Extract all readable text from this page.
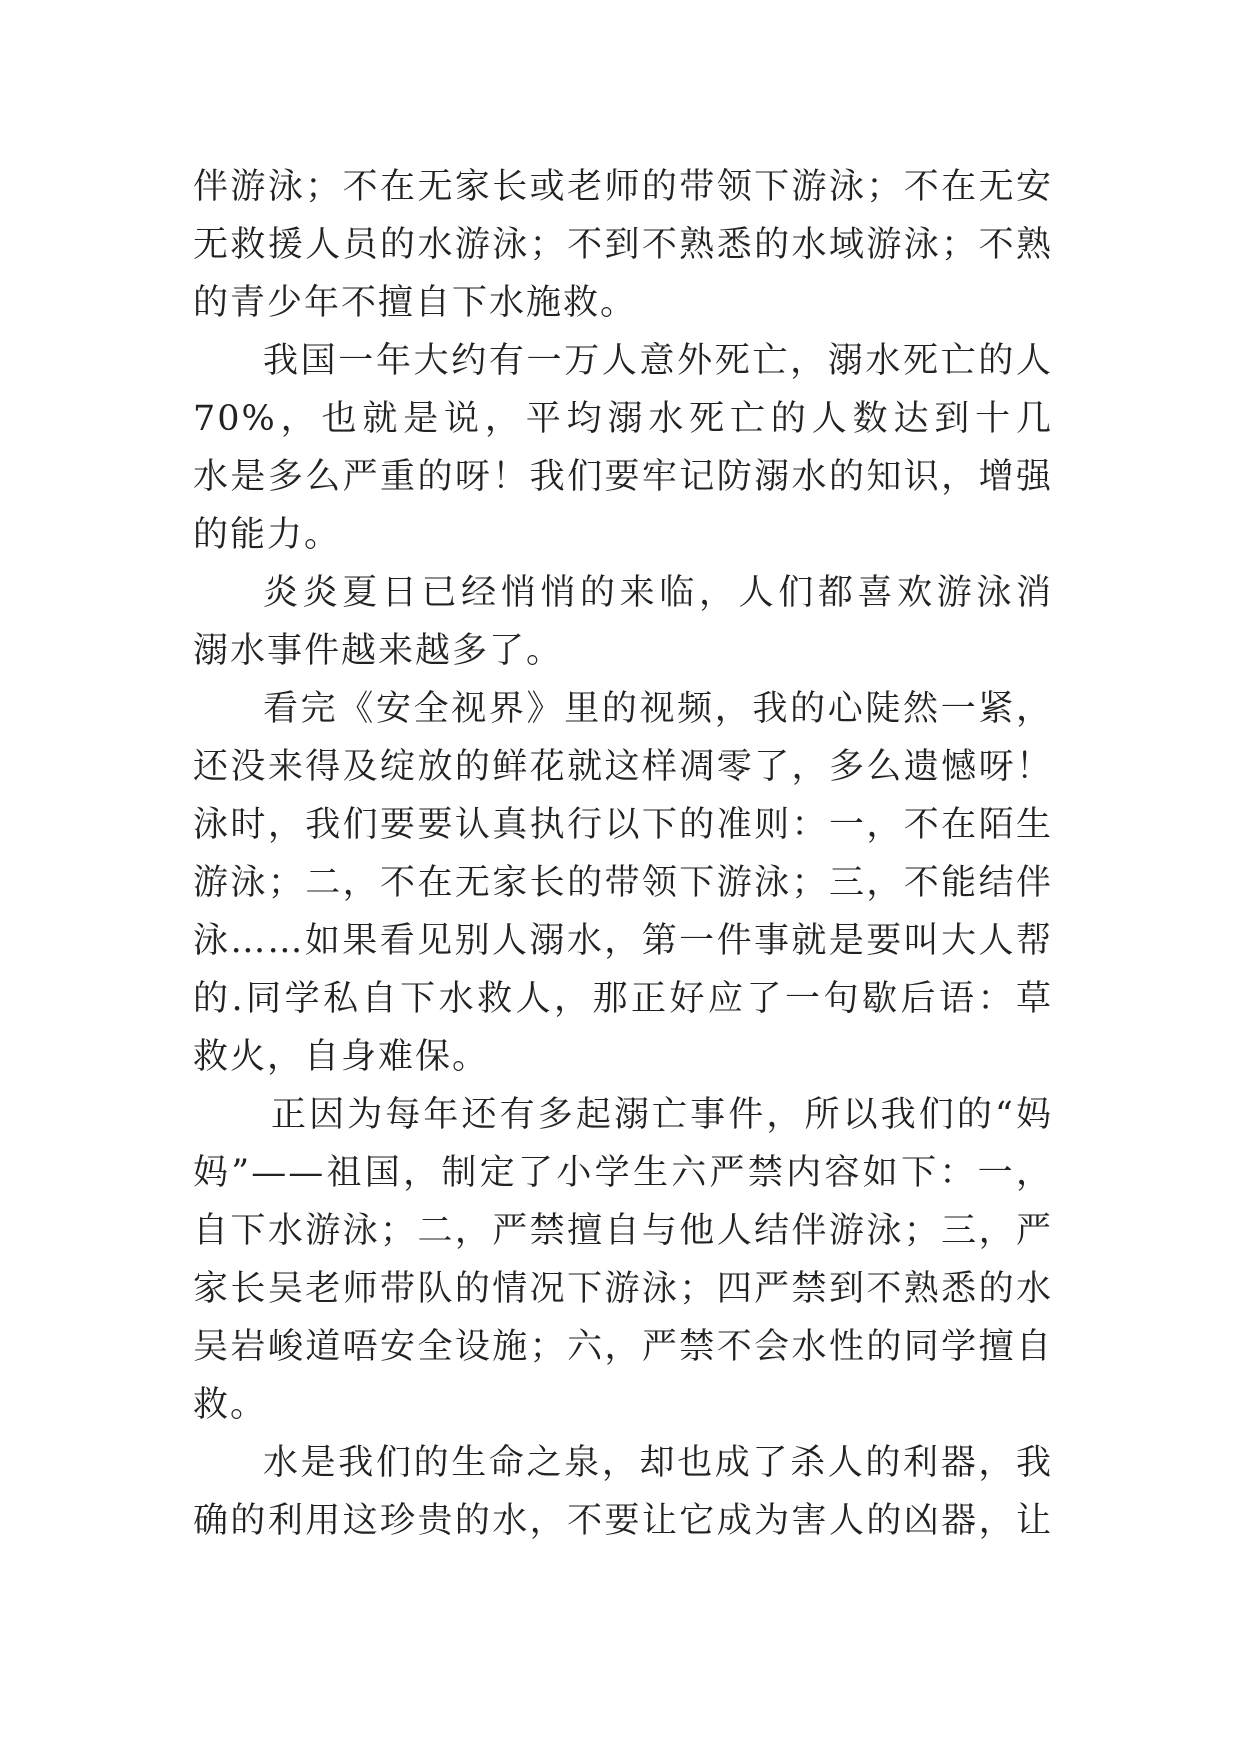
伴游泳；不在无家长或老师的带领下游泳；不在无安
无救援人员的水游泳；不到不熟悉的水域游泳；不熟
的青少年不擅自下水施救。
我国一年大约有一万人意外死亡，溺水死亡的人
70%，也就是说，平均溺水死亡的人数达到十几
水是多么严重的呀！我们要牢记防溺水的知识，增强
的能力。
炎炎夏日已经悄悄的来临，人们都喜欢游泳消
溺水事件越来越多了。
看完《安全视界》里的视频，我的心陡然一紧，
还没来得及绽放的鲜花就这样凋零了，多么遗憾呀！
泳时，我们要要认真执行以下的准则：一，不在陌生
游泳；二，不在无家长的带领下游泳；三，不能结伴
泳……如果看见别人溺水，第一件事就是要叫大人帮
的.同学私自下水救人，那正好应了一句歇后语：草
救火，自身难保。
正因为每年还有多起溺亡事件，所以我们的“妈
妈”——祖国，制定了小学生六严禁内容如下：一，
自下水游泳；二，严禁擅自与他人结伴游泳；三，严
家长吴老师带队的情况下游泳；四严禁到不熟悉的水
吴岩峻道唔安全设施；六，严禁不会水性的同学擅自
救。
水是我们的生命之泉，却也成了杀人的利器，我
确的利用这珍贵的水，不要让它成为害人的凶器，让
